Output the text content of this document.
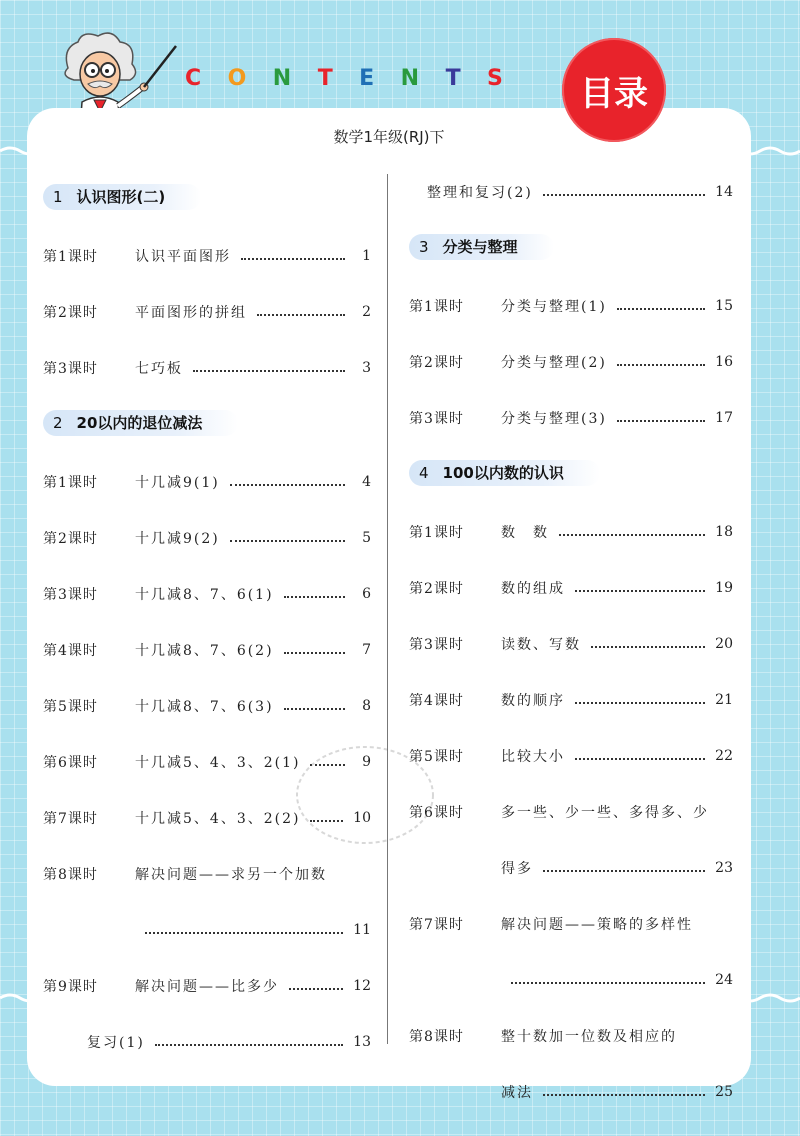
C O N T E N T S	目录
数学1年级(RJ)下
1 认识图形(二)
第1课时	认识平面图形	1
第2课时	平面图形的拼组	2
第3课时	七巧板	3
2 20以内的退位减法
第1课时	十几减9(1)	4
第2课时	十几减9(2)	5
第3课时	十几减8、7、6(1)	6
第4课时	十几减8、7、6(2)	7
第5课时	十几减8、7、6(3)	8
第6课时	十几减5、4、3、2(1)	9
第7课时	十几减5、4、3、2(2)	10
第8课时	解决问题——求另一个加数
11
第9课时	解决问题——比多少	12
复习(1)	13
整理和复习(2)	14
3 分类与整理
第1课时	分类与整理(1)	15
第2课时	分类与整理(2)	16
第3课时	分类与整理(3)	17
4 100以内数的认识
第1课时	数　数	18
第2课时	数的组成	19
第3课时	读数、写数	20
第4课时	数的顺序	21
第5课时	比较大小	22
第6课时	多一些、少一些、多得多、少
得多	23
第7课时	解决问题——策略的多样性
24
第8课时	整十数加一位数及相应的
减法	25
